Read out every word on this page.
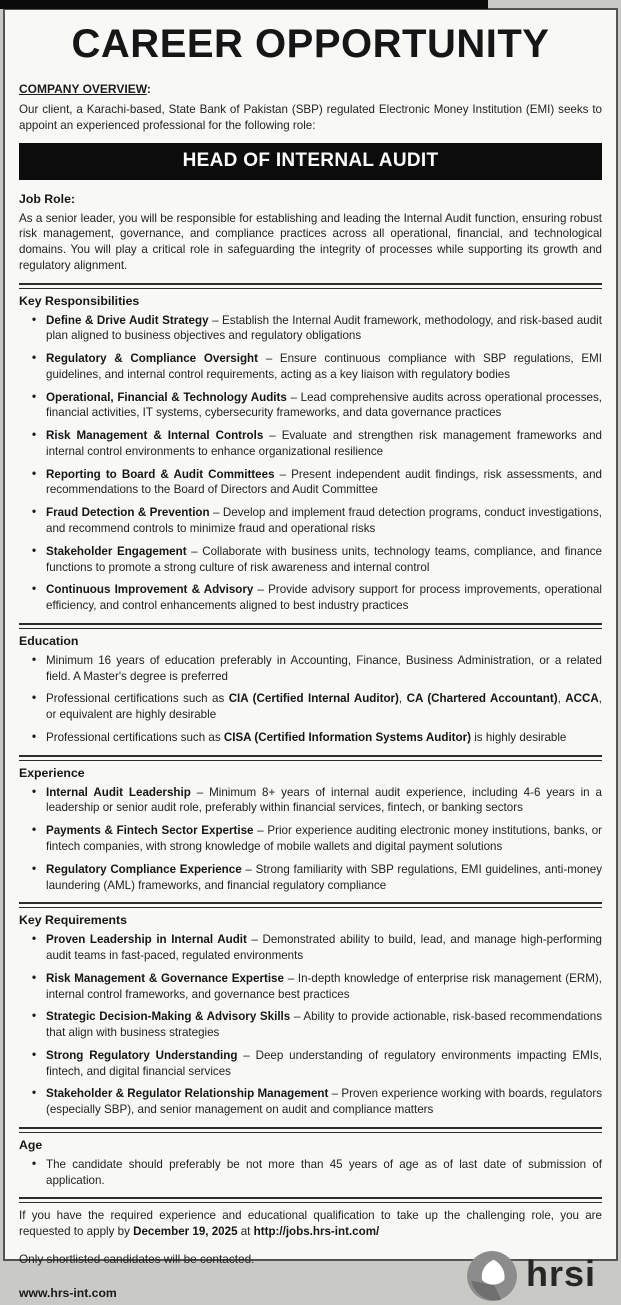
CAREER OPPORTUNITY
COMPANY OVERVIEW:

Our client, a Karachi-based, State Bank of Pakistan (SBP) regulated Electronic Money Institution (EMI) seeks to appoint an experienced professional for the following role:

HEAD OF INTERNAL AUDIT
Job Role:

As a senior leader, you will be responsible for establishing and leading the Internal Audit function, ensuring robust risk management, governance, and compliance practices across all operational, financial, and technological domains. You will play a critical role in safeguarding the integrity of processes while supporting its growth and regulatory alignment.

Key Responsibilities
• Define & Drive Audit Strategy – Establish the Internal Audit framework, methodology, and risk-based audit plan aligned to business objectives and regulatory obligations
• Regulatory & Compliance Oversight – Ensure continuous compliance with SBP regulations, EMI guidelines, and internal control requirements, acting as a key liaison with regulatory bodies
• Operational, Financial & Technology Audits – Lead comprehensive audits across operational processes, financial activities, IT systems, cybersecurity frameworks, and data governance practices
• Risk Management & Internal Controls – Evaluate and strengthen risk management frameworks and internal control environments to enhance organizational resilience
• Reporting to Board & Audit Committees – Present independent audit findings, risk assessments, and recommendations to the Board of Directors and Audit Committee
• Fraud Detection & Prevention – Develop and implement fraud detection programs, conduct investigations, and recommend controls to minimize fraud and operational risks
• Stakeholder Engagement – Collaborate with business units, technology teams, compliance, and finance functions to promote a strong culture of risk awareness and internal control
• Continuous Improvement & Advisory – Provide advisory support for process improvements, operational efficiency, and control enhancements aligned to best industry practices
Education
• Minimum 16 years of education preferably in Accounting, Finance, Business Administration, or a related field. A Master's degree is preferred
• Professional certifications such as CIA (Certified Internal Auditor), CA (Chartered Accountant), ACCA, or equivalent are highly desirable
• Professional certifications such as CISA (Certified Information Systems Auditor) is highly desirable
Experience
• Internal Audit Leadership – Minimum 8+ years of internal audit experience, including 4-6 years in a leadership or senior audit role, preferably within financial services, fintech, or banking sectors
• Payments & Fintech Sector Expertise – Prior experience auditing electronic money institutions, banks, or fintech companies, with strong knowledge of mobile wallets and digital payment solutions
• Regulatory Compliance Experience – Strong familiarity with SBP regulations, EMI guidelines, anti-money laundering (AML) frameworks, and financial regulatory compliance
Key Requirements
• Proven Leadership in Internal Audit – Demonstrated ability to build, lead, and manage high-performing audit teams in fast-paced, regulated environments
• Risk Management & Governance Expertise – In-depth knowledge of enterprise risk management (ERM), internal control frameworks, and governance best practices
• Strategic Decision-Making & Advisory Skills – Ability to provide actionable, risk-based recommendations that align with business strategies
• Strong Regulatory Understanding – Deep understanding of regulatory environments impacting EMIs, fintech, and digital financial services
• Stakeholder & Regulator Relationship Management – Proven experience working with boards, regulators (especially SBP), and senior management on audit and compliance matters
Age
• The candidate should preferably be not more than 45 years of age as of last date of submission of application.

If you have the required experience and educational qualification to take up the challenging role, you are requested to apply by December 19, 2025 at http://jobs.hrs-int.com/

Only shortlisted candidates will be contacted.

www.hrs-int.com	hrsi
